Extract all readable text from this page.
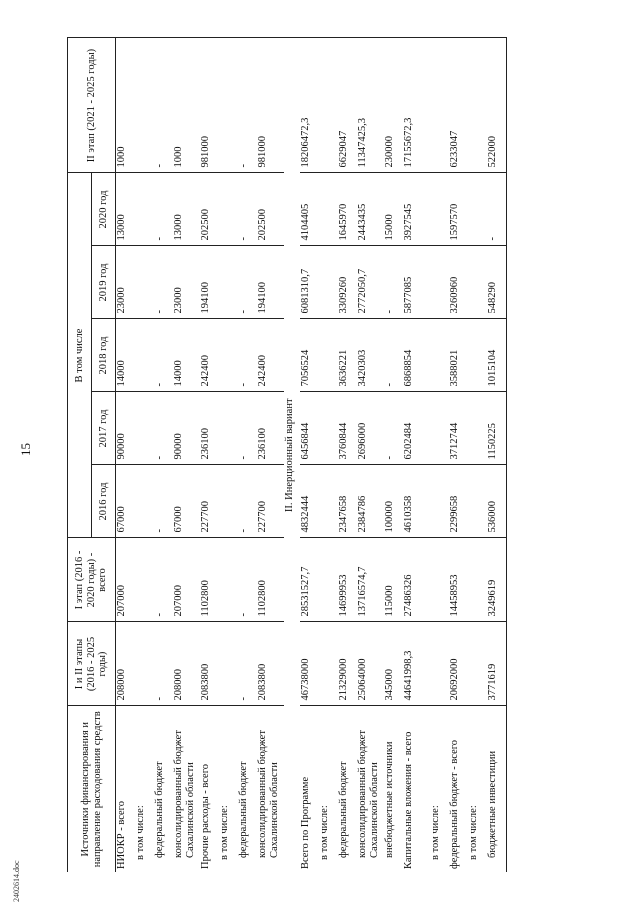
15
2402614.doc
Источники финансирования и направление расходования средств	I и II этапы (2016 - 2025 годы)	I этап (2016 - 2020 годы) - всего	В том числе					II этап (2021 - 2025 годы)
			2016 год	2017 год	2018 год	2019 год	2020 год	
НИОКР - всего	208000	207000	67000	90000	14000	23000	13000	1000
в том числе:								
федеральный бюджет	-	-	-	-	-	-	-	-
консолидированный бюджет Сахалинской области	208000	207000	67000	90000	14000	23000	13000	1000
Прочие расходы - всего	2083800	1102800	227700	236100	242400	194100	202500	981000
в том числе:								
федеральный бюджет	-	-	-	-	-	-	-	-
консолидированный бюджет Сахалинской области	2083800	1102800	227700	236100	242400	194100	202500	981000
II. Инерционный вариант								
Всего по Программе	46738000	28531527,7	4832444	6456844	7056524	6081310,7	4104405	18206472,3
в том числе:								
федеральный бюджет	21329000	14699953	2347658	3760844	3636221	3309260	1645970	6629047
консолидированный бюджет Сахалинской области	25064000	13716574,7	2384786	2696000	3420303	2772050,7	2443435	11347425,3
внебюджетные источники	345000	115000	100000	-	-	-	15000	230000
Капитальные вложения - всего	44641998,3	27486326	4610358	6202484	6868854	5877085	3927545	17155672,3
в том числе:								
федеральный бюджет - всего	20692000	14458953	2299658	3712744	3588021	3260960	1597570	6233047
в том числе:								
бюджетные инвестиции	3771619	3249619	536000	1150225	1015104	548290	-	522000
